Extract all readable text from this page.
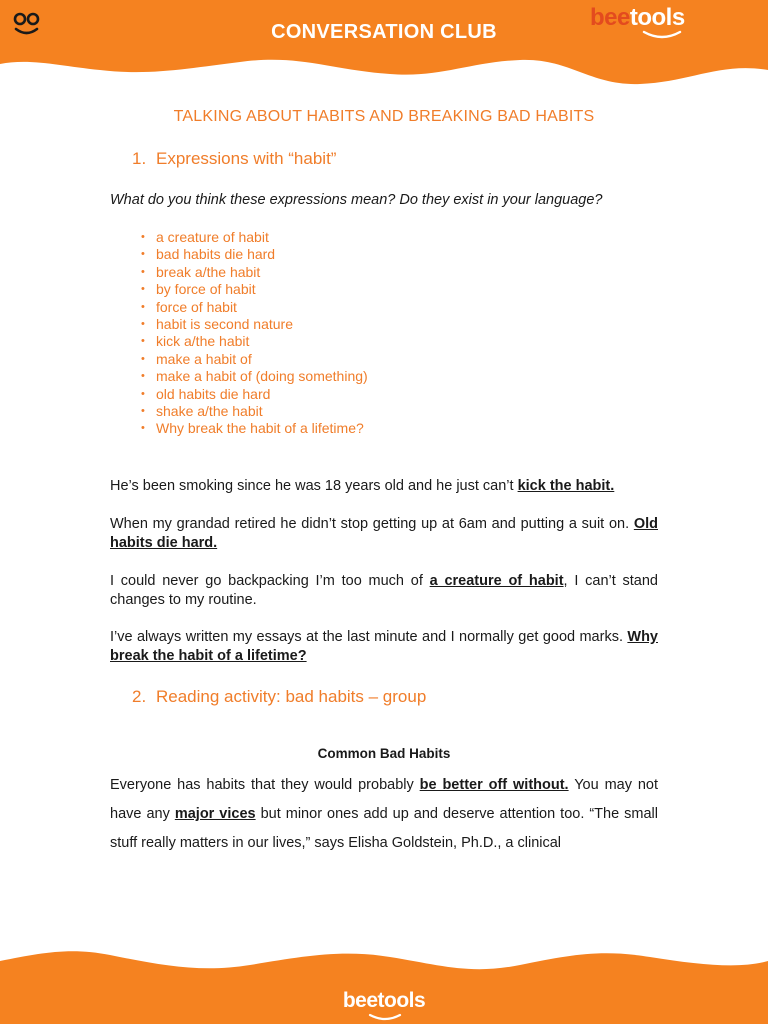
CONVERSATION CLUB
beetools
TALKING ABOUT HABITS AND BREAKING BAD HABITS
1. Expressions with “habit”
What do you think these expressions mean? Do they exist in your language?
• a creature of habit
• bad habits die hard
• break a/the habit
• by force of habit
• force of habit
• habit is second nature
• kick a/the habit
• make a habit of
• make a habit of (doing something)
• old habits die hard
• shake a/the habit
• Why break the habit of a lifetime?

He’s been smoking since he was 18 years old and he just can’t kick the habit.

When my grandad retired he didn’t stop getting up at 6am and putting a suit on. Old habits die hard.

I could never go backpacking I’m too much of a creature of habit, I can’t stand changes to my routine.

I’ve always written my essays at the last minute and I normally get good marks. Why break the habit of a lifetime?

2. Reading activity: bad habits – group
Common Bad Habits

Everyone has habits that they would probably be better off without. You may not have any major vices but minor ones add up and deserve attention too. “The small stuff really matters in our lives,” says Elisha Goldstein, Ph.D., a clinical

beetools
